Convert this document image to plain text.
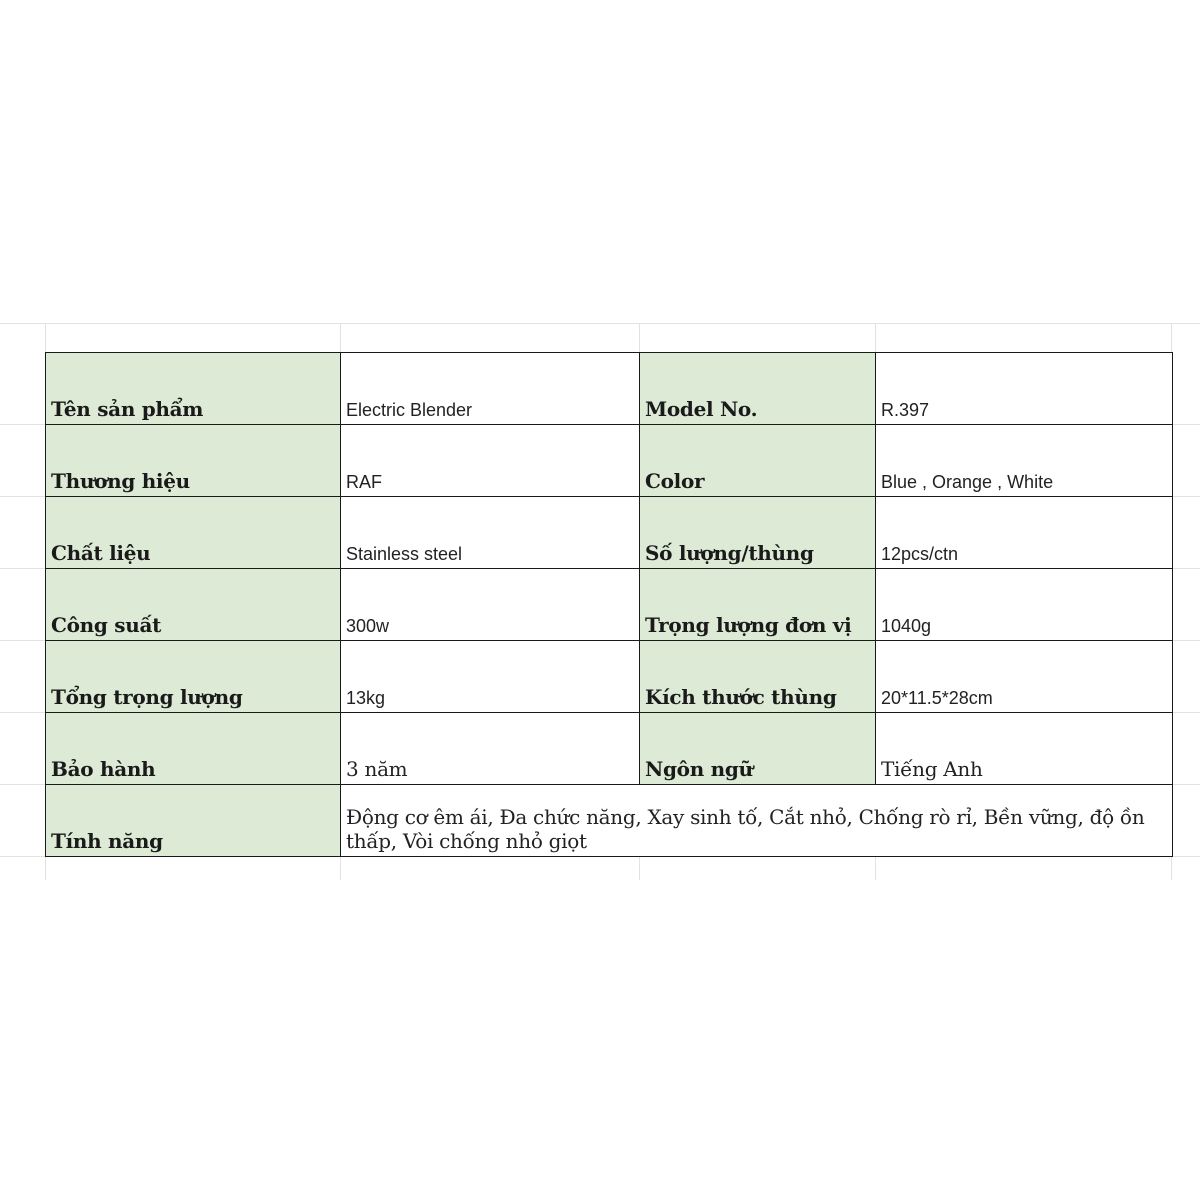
Tên sản phẩm	Electric Blender	Model No.	R.397
Thương hiệu	RAF	Color	Blue , Orange , White
Chất liệu	Stainless steel	Số lượng/thùng	12pcs/ctn
Công suất	300w	Trọng lượng đơn vị	1040g
Tổng trọng lượng	13kg	Kích thước thùng	20*11.5*28cm
Bảo hành	3 năm	Ngôn ngữ	Tiếng Anh
Tính năng	Động cơ êm ái, Đa chức năng, Xay sinh tố, Cắt nhỏ, Chống rò rỉ, Bền vững, độ ồn thấp, Vòi chống nhỏ giọt		
